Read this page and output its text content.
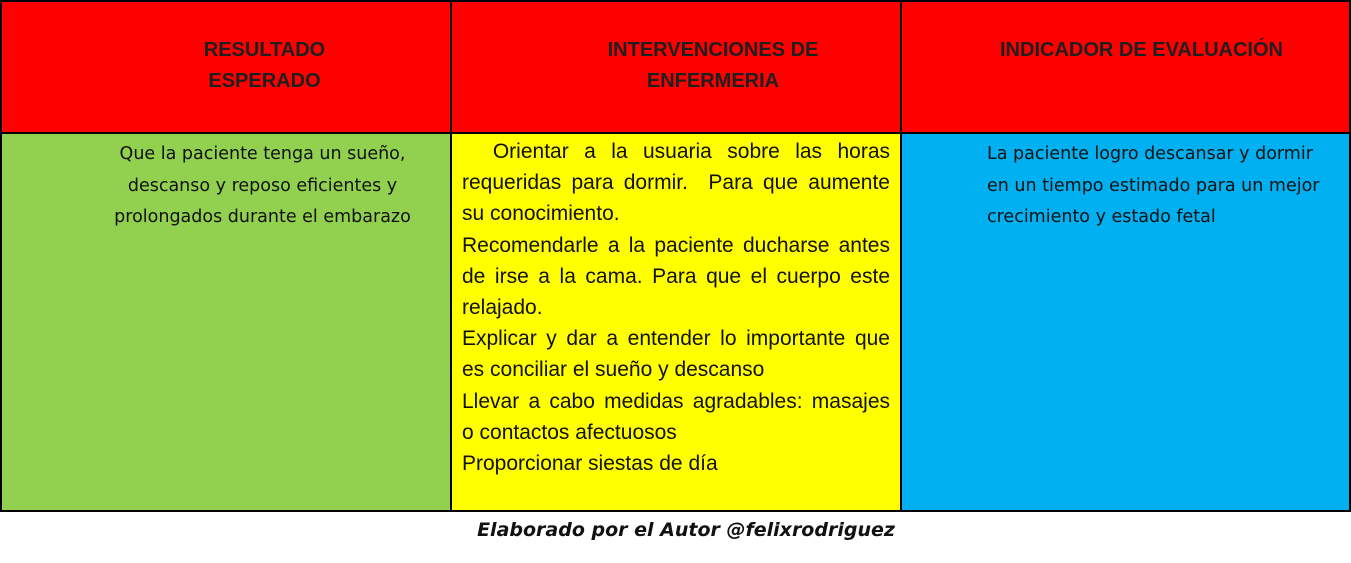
RESULTADO
ESPERADO
INTERVENCIONES DE
ENFERMERIA
INDICADOR DE EVALUACIÓN
Que la paciente tenga un sueño,
descanso y reposo eficientes y
prolongados durante el embarazo
Orientar a la usuaria sobre las horas requeridas para dormir.  Para que aumente su conocimiento.
Recomendarle a la paciente ducharse antes de irse a la cama. Para que el cuerpo este relajado.
Explicar y dar a entender lo importante que es conciliar el sueño y descanso
Llevar a cabo medidas agradables: masajes o contactos afectuosos
Proporcionar siestas de día
La paciente logro descansar y dormir
en un tiempo estimado para un mejor
crecimiento y estado fetal
Elaborado por el Autor @felixrodriguez
